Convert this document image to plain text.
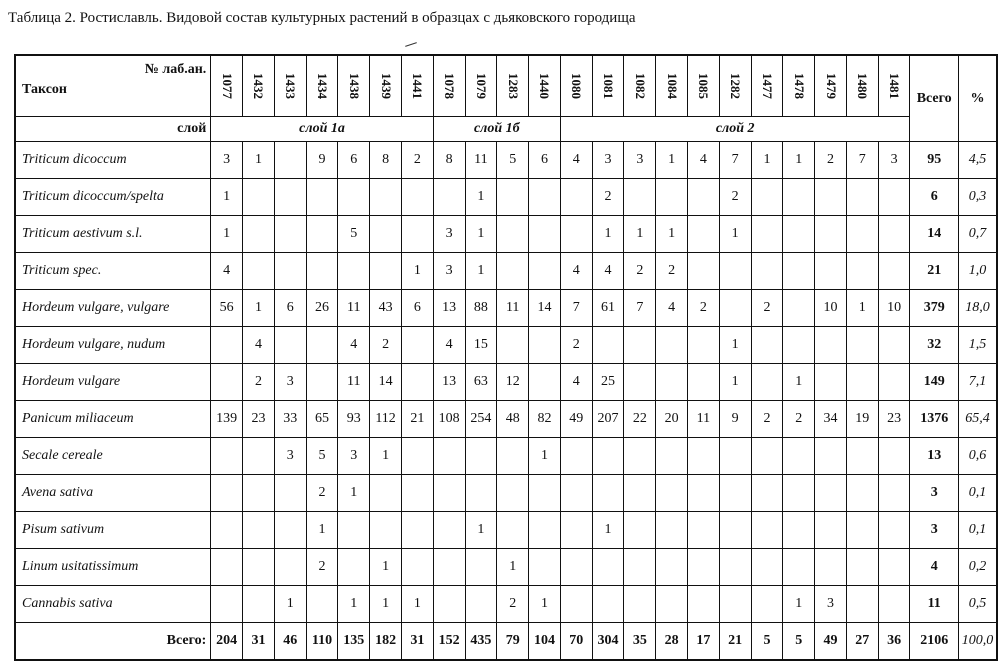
Таблица 2. Ростиславль. Видовой состав культурных растений в образцах с дьяковского городища
№ лаб.ан.
Таксон	1077	1432	1433	1434	1438	1439	1441	1078	1079	1283	1440	1080	1081	1082	1084	1085	1282	1477	1478	1479	1480	1481	Всего	%
слой	слой 1а							слой 1б				слой 2												
Triticum dicoccum	3	1		9	6	8	2	8	11	5	6	4	3	3	1	4	7	1	1	2	7	3	95	4,5
Triticum dicoccum/spelta	1								1				2				2						6	0,3
Triticum aestivum s.l.	1				5			3	1				1	1	1		1						14	0,7
Triticum spec.	4						1	3	1			4	4	2	2								21	1,0
Hordeum vulgare, vulgare	56	1	6	26	11	43	6	13	88	11	14	7	61	7	4	2		2		10	1	10	379	18,0
Hordeum vulgare, nudum		4			4	2		4	15			2					1						32	1,5
Hordeum vulgare		2	3		11	14		13	63	12		4	25				1		1				149	7,1
Panicum miliaceum	139	23	33	65	93	112	21	108	254	48	82	49	207	22	20	11	9	2	2	34	19	23	1376	65,4
Secale cereale			3	5	3	1					1												13	0,6
Avena sativa				2	1																		3	0,1
Pisum sativum				1					1				1										3	0,1
Linum usitatissimum				2		1				1													4	0,2
Cannabis sativa			1		1	1	1			2	1								1	3			11	0,5
Всего:	204	31	46	110	135	182	31	152	435	79	104	70	304	35	28	17	21	5	5	49	27	36	2106	100,0
